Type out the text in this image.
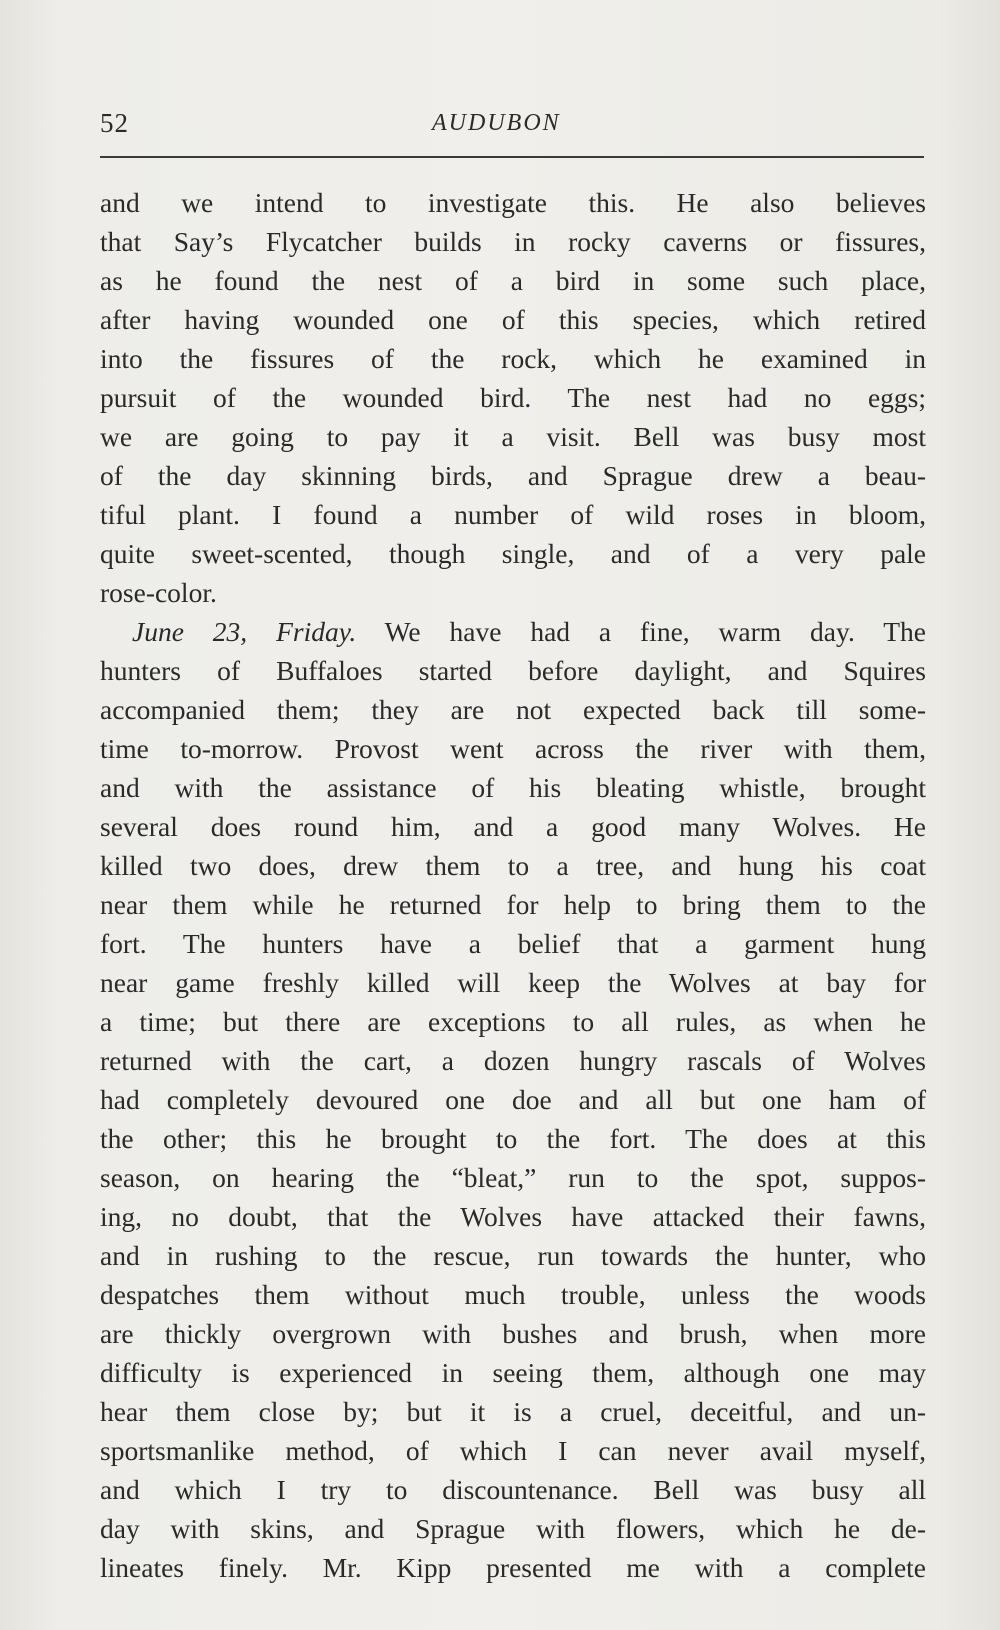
52	AUDUBON
and we intend to investigate this. He also believes
that Say’s Flycatcher builds in rocky caverns or fissures,
as he found the nest of a bird in some such place,
after having wounded one of this species, which retired
into the fissures of the rock, which he examined in
pursuit of the wounded bird. The nest had no eggs;
we are going to pay it a visit. Bell was busy most
of the day skinning birds, and Sprague drew a beau-
tiful plant. I found a number of wild roses in bloom,
quite sweet-scented, though single, and of a very pale
rose-color.
June 23, Friday. We have had a fine, warm day. The
hunters of Buffaloes started before daylight, and Squires
accompanied them; they are not expected back till some-
time to-morrow. Provost went across the river with them,
and with the assistance of his bleating whistle, brought
several does round him, and a good many Wolves. He
killed two does, drew them to a tree, and hung his coat
near them while he returned for help to bring them to the
fort. The hunters have a belief that a garment hung
near game freshly killed will keep the Wolves at bay for
a time; but there are exceptions to all rules, as when he
returned with the cart, a dozen hungry rascals of Wolves
had completely devoured one doe and all but one ham of
the other; this he brought to the fort. The does at this
season, on hearing the “bleat,” run to the spot, suppos-
ing, no doubt, that the Wolves have attacked their fawns,
and in rushing to the rescue, run towards the hunter, who
despatches them without much trouble, unless the woods
are thickly overgrown with bushes and brush, when more
difficulty is experienced in seeing them, although one may
hear them close by; but it is a cruel, deceitful, and un-
sportsmanlike method, of which I can never avail myself,
and which I try to discountenance. Bell was busy all
day with skins, and Sprague with flowers, which he de-
lineates finely. Mr. Kipp presented me with a complete
